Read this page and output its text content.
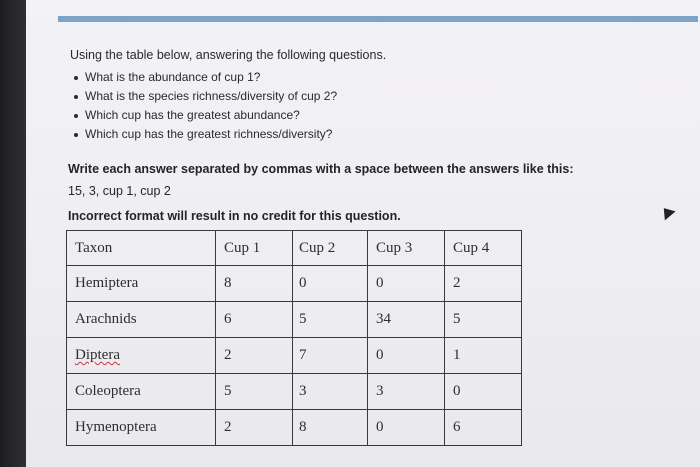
Using the table below, answering the following questions.

What is the abundance of cup 1?
What is the species richness/diversity of cup 2?
Which cup has the greatest abundance?
Which cup has the greatest richness/diversity?

Write each answer separated by commas with a space between the answers like this:

15, 3, cup 1, cup 2

Incorrect format will result in no credit for this question.

Taxon	Cup 1	Cup 2	Cup 3	Cup 4
Hemiptera	8	0	0	2
Arachnids	6	5	34	5
Diptera	2	7	0	1
Coleoptera	5	3	3	0
Hymenoptera	2	8	0	6
